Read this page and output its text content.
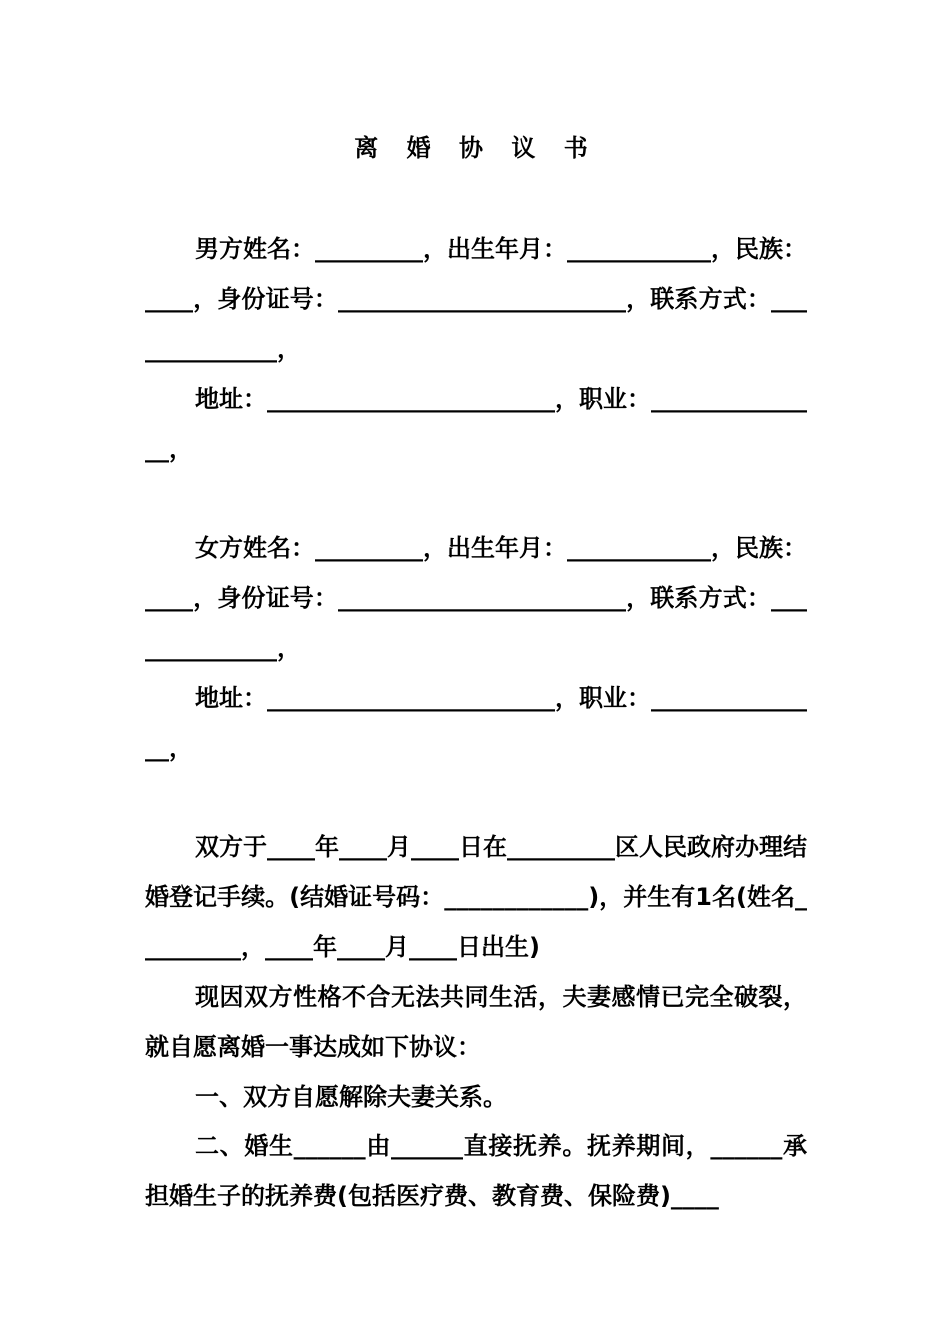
离 婚 协 议 书
男方姓名：_________，出生年月：____________，民族：____，身份证号：________________________，联系方式：______________，
地址：________________________，职业：_______________，
女方姓名：_________，出生年月：____________，民族：____，身份证号：________________________，联系方式：______________，
地址：________________________，职业：_______________，
双方于____年____月____日在_________区人民政府办理结婚登记手续。(结婚证号码：____________)，并生有1名(姓名_________，____年____月____日出生)
现因双方性格不合无法共同生活，夫妻感情已完全破裂，就自愿离婚一事达成如下协议：
一、双方自愿解除夫妻关系。
二、婚生______由______直接抚养。抚养期间，______承担婚生子的抚养费(包括医疗费、教育费、保险费)____
